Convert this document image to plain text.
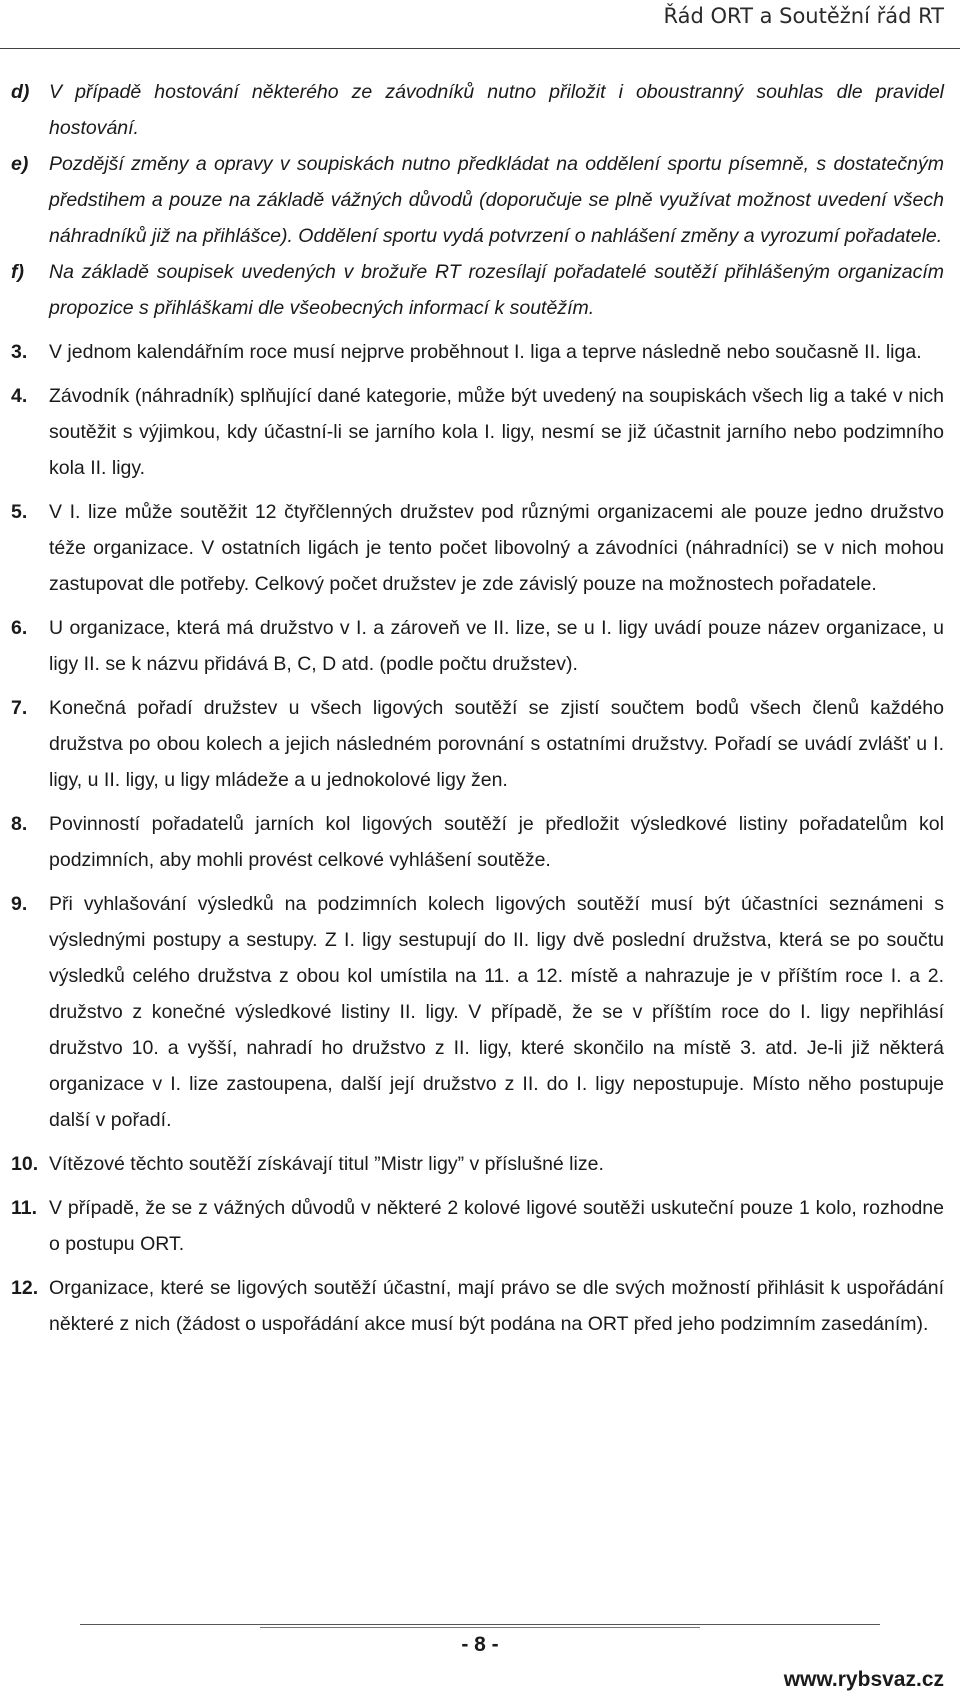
Řád ORT a Soutěžní řád RT
d) V případě hostování některého ze závodníků nutno přiložit i oboustranný souhlas dle pravidel hostování.
e) Pozdější změny a opravy v soupiskách nutno předkládat na oddělení sportu písemně, s dostatečným předstihem a pouze na základě vážných důvodů (doporučuje se plně využívat možnost uvedení všech náhradníků již na přihlášce). Oddělení sportu vydá potvrzení o nahlášení změny a vyrozumí pořadatele.
f) Na základě soupisek uvedených v brožuře RT rozesílají pořadatelé soutěží přihlášeným organizacím propozice s přihláškami dle všeobecných informací k soutěžím.
3. V jednom kalendářním roce musí nejprve proběhnout I. liga a teprve následně nebo současně II. liga.
4. Závodník (náhradník) splňující dané kategorie, může být uvedený na soupiskách všech lig a také v nich soutěžit s výjimkou, kdy účastní-li se jarního kola I. ligy, nesmí se již účastnit jarního nebo podzimního kola II. ligy.
5. V I. lize může soutěžit 12 čtyřčlenných družstev pod různými organizacemi ale pouze jedno družstvo téže organizace. V ostatních ligách je tento počet libovolný a závodníci (náhradníci) se v nich mohou zastupovat dle potřeby. Celkový počet družstev je zde závislý pouze na možnostech pořadatele.
6. U organizace, která má družstvo v I. a zároveň ve II. lize, se u I. ligy uvádí pouze název organizace, u ligy II. se k názvu přidává B, C, D atd. (podle počtu družstev).
7. Konečná pořadí družstev u všech ligových soutěží se zjistí součtem bodů všech členů každého družstva po obou kolech a jejich následném porovnání s ostatními družstvy. Pořadí se uvádí zvlášť u I. ligy, u II. ligy, u ligy mládeže a u jednokolové ligy žen.
8. Povinností pořadatelů jarních kol ligových soutěží je předložit výsledkové listiny pořadatelům kol podzimních, aby mohli provést celkové vyhlášení soutěže.
9. Při vyhlašování výsledků na podzimních kolech ligových soutěží musí být účastníci seznámeni s výslednými postupy a sestupy. Z I. ligy sestupují do II. ligy dvě poslední družstva, která se po součtu výsledků celého družstva z obou kol umístila na 11. a 12. místě a nahrazuje je v příštím roce I. a 2. družstvo z konečné výsledkové listiny II. ligy. V případě, že se v příštím roce do I. ligy nepřihlásí družstvo 10. a vyšší, nahradí ho družstvo z II. ligy, které skončilo na místě 3. atd. Je-li již některá organizace v I. lize zastoupena, další její družstvo z II. do I. ligy nepostupuje. Místo něho postupuje další v pořadí.
10. Vítězové těchto soutěží získávají titul ”Mistr ligy” v příslušné lize.
11. V případě, že se z vážných důvodů v některé 2 kolové ligové soutěži uskuteční pouze 1 kolo, rozhodne o postupu ORT.
12. Organizace, které se ligových soutěží účastní, mají právo se dle svých možností přihlásit k uspořádání některé z nich (žádost o uspořádání akce musí být podána na ORT před jeho podzimním zasedáním).
- 8 -
www.rybsvaz.cz
